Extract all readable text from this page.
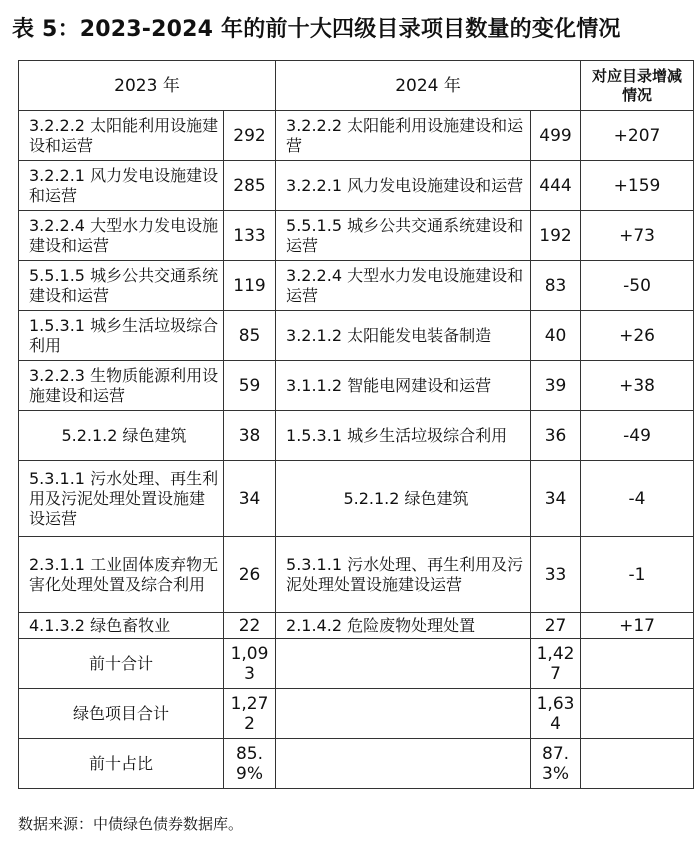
表 5：2023-2024 年的前十大四级目录项目数量的变化情况
2023 年		2024 年		对应目录增减情况
3.2.2.2 太阳能利用设施建设和运营	292	3.2.2.2 太阳能利用设施建设和运营	499	+207
3.2.2.1 风力发电设施建设和运营	285	3.2.2.1 风力发电设施建设和运营	444	+159
3.2.2.4 大型水力发电设施建设和运营	133	5.5.1.5 城乡公共交通系统建设和运营	192	+73
5.5.1.5 城乡公共交通系统建设和运营	119	3.2.2.4 大型水力发电设施建设和运营	83	-50
1.5.3.1 城乡生活垃圾综合利用	85	3.2.1.2 太阳能发电装备制造	40	+26
3.2.2.3 生物质能源利用设施建设和运营	59	3.1.1.2 智能电网建设和运营	39	+38
5.2.1.2 绿色建筑	38	1.5.3.1 城乡生活垃圾综合利用	36	-49
5.3.1.1 污水处理、再生利用及污泥处理处置设施建设运营	34	5.2.1.2 绿色建筑	34	-4
2.3.1.1 工业固体废弃物无害化处理处置及综合利用	26	5.3.1.1 污水处理、再生利用及污泥处理处置设施建设运营	33	-1
4.1.3.2 绿色畜牧业	22	2.1.4.2 危险废物处理处置	27	+17
前十合计	1,093		1,427	
绿色项目合计	1,272		1,634	
前十占比	85.9%		87.3%	
数据来源：中债绿色债券数据库。
